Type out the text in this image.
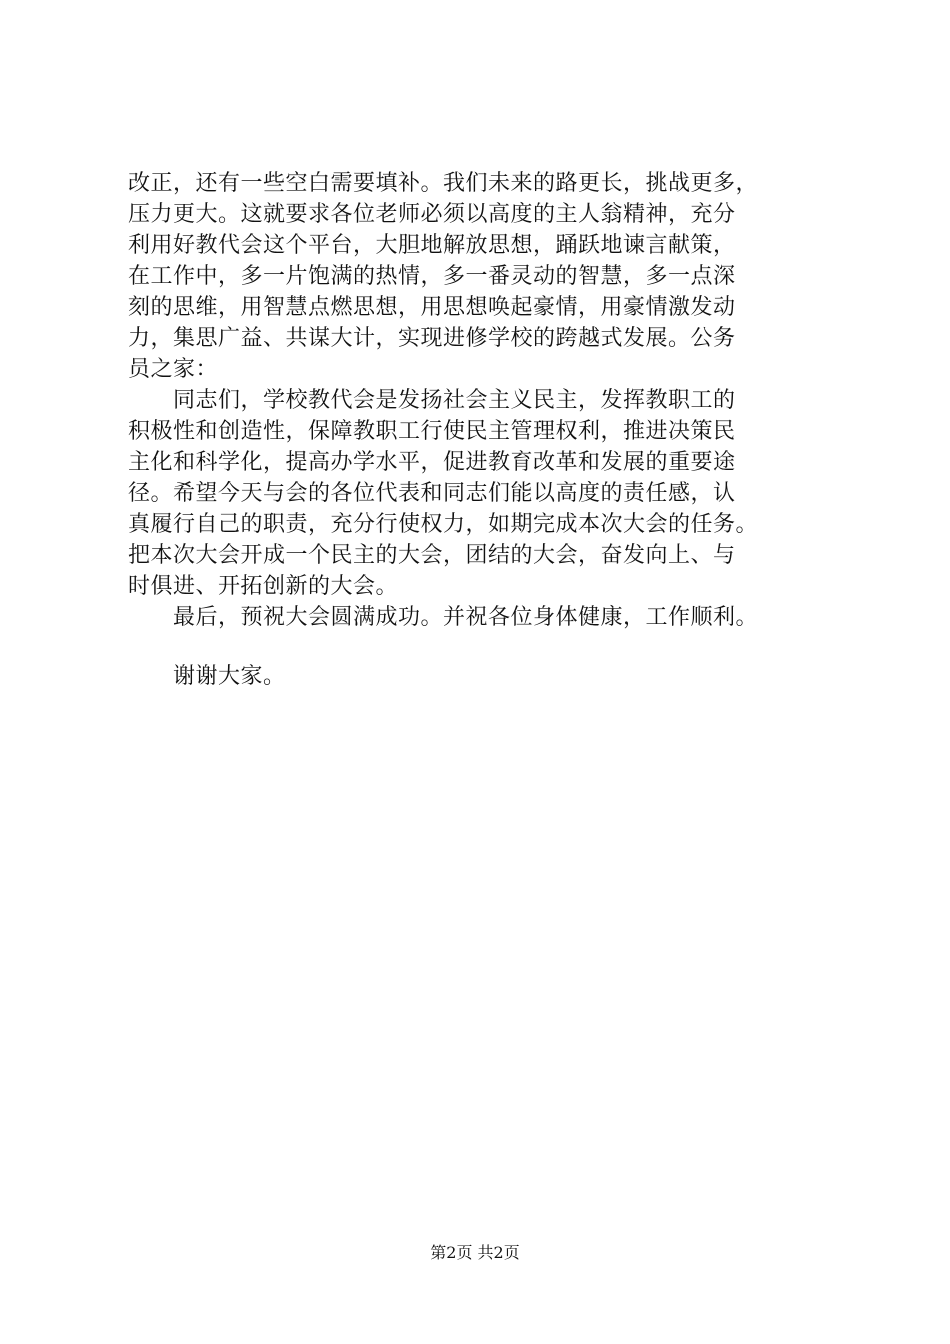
改正，还有一些空白需要填补。我们未来的路更长，挑战更多，
压力更大。这就要求各位老师必须以高度的主人翁精神，充分
利用好教代会这个平台，大胆地解放思想，踊跃地谏言献策，
在工作中，多一片饱满的热情，多一番灵动的智慧，多一点深
刻的思维，用智慧点燃思想，用思想唤起豪情，用豪情激发动
力，集思广益、共谋大计，实现进修学校的跨越式发展。公务
员之家：
　　同志们，学校教代会是发扬社会主义民主，发挥教职工的
积极性和创造性，保障教职工行使民主管理权利，推进决策民
主化和科学化，提高办学水平，促进教育改革和发展的重要途
径。希望今天与会的各位代表和同志们能以高度的责任感，认
真履行自己的职责，充分行使权力，如期完成本次大会的任务。
把本次大会开成一个民主的大会，团结的大会，奋发向上、与
时俱进、开拓创新的大会。
　　最后，预祝大会圆满成功。并祝各位身体健康，工作顺利。
　　谢谢大家。
第2页 共2页
